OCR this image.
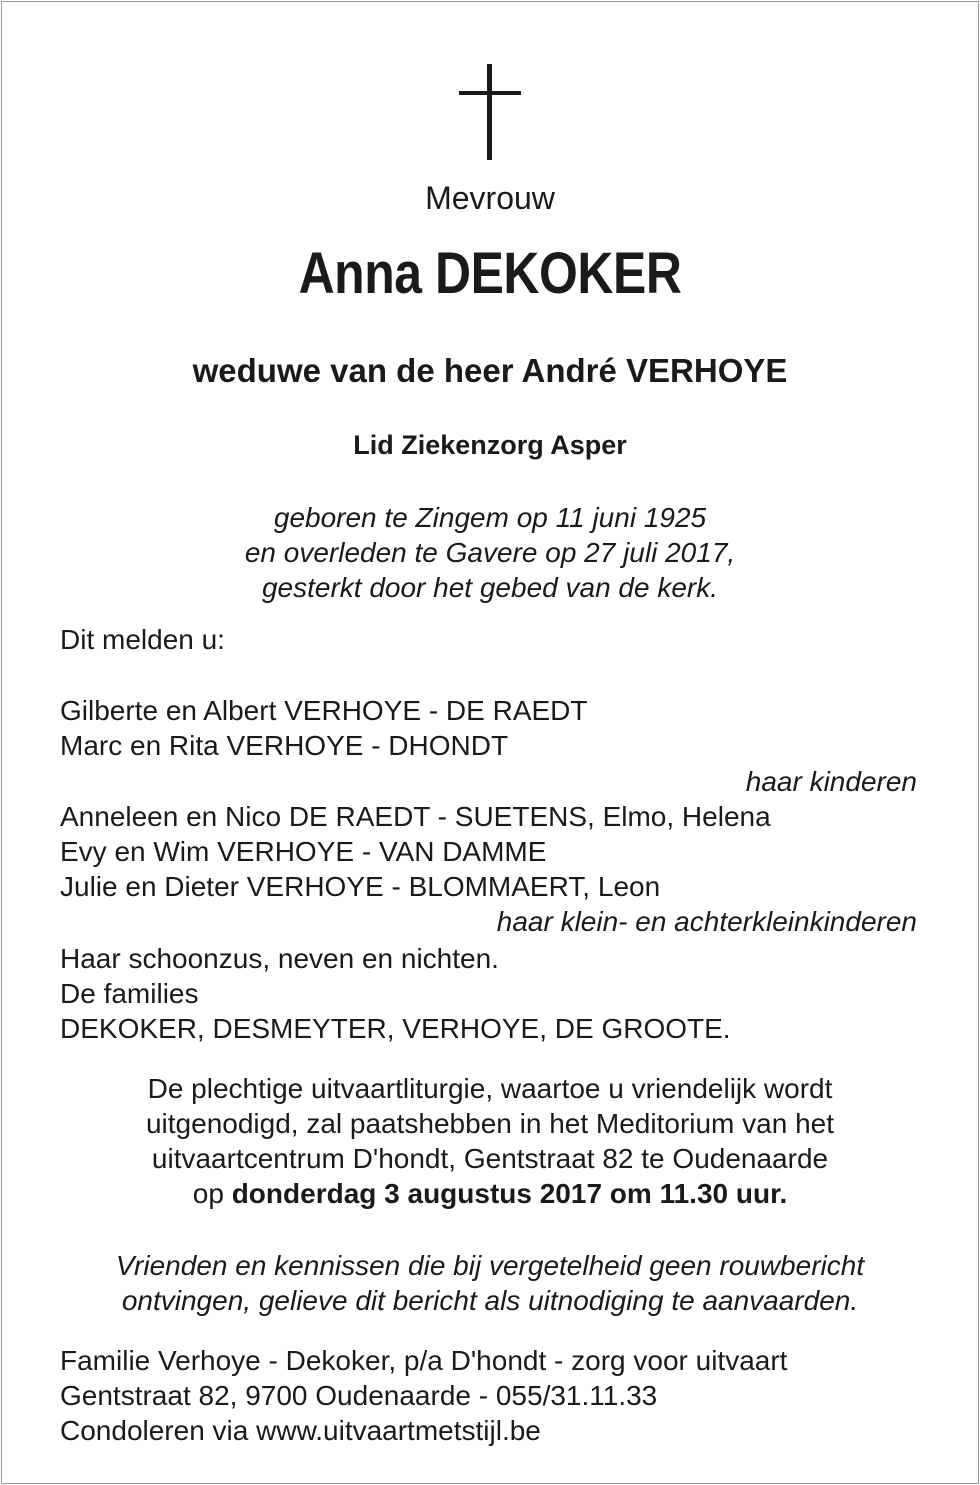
Mevrouw

Anna DEKOKER

weduwe van de heer André VERHOYE

Lid Ziekenzorg Asper

geboren te Zingem op 11 juni 1925
en overleden te Gavere op 27 juli 2017,
gesterkt door het gebed van de kerk.

Dit melden u:

Gilberte en Albert VERHOYE - DE RAEDT
Marc en Rita VERHOYE - DHONDT

haar kinderen

Anneleen en Nico DE RAEDT - SUETENS, Elmo, Helena
Evy en Wim VERHOYE - VAN DAMME
Julie en Dieter VERHOYE - BLOMMAERT, Leon

haar klein- en achterkleinkinderen

Haar schoonzus, neven en nichten.
De families
DEKOKER, DESMEYTER, VERHOYE, DE GROOTE.
De plechtige uitvaartliturgie, waartoe u vriendelijk wordt
uitgenodigd, zal paatshebben in het Meditorium van het
uitvaartcentrum D'hondt, Gentstraat 82 te Oudenaarde
op donderdag 3 augustus 2017 om 11.30 uur.
Vrienden en kennissen die bij vergetelheid geen rouwbericht
ontvingen, gelieve dit bericht als uitnodiging te aanvaarden.
Familie Verhoye - Dekoker, p/a D'hondt - zorg voor uitvaart
Gentstraat 82, 9700 Oudenaarde - 055/31.11.33
Condoleren via www.uitvaartmetstijl.be
